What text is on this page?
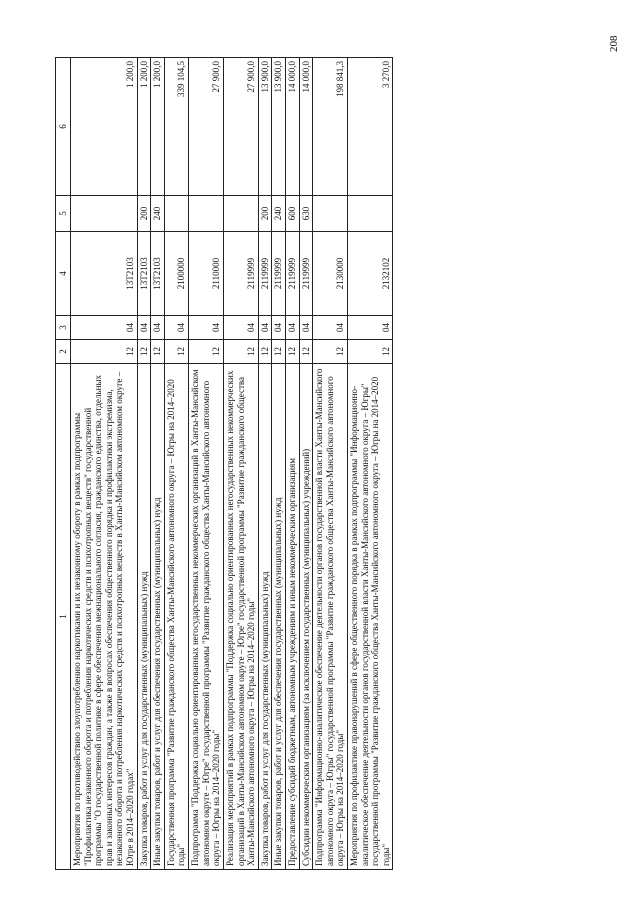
208
1	2	3	4	5	6
Мероприятия по противодействию злоупотреблению наркотиками и их незаконному обороту в рамках подпрограммы "Профилактика незаконного оборота и потребления наркотических средств и психотропных веществ" государственной программы "О государственной политике в сфере обеспечения межнационального согласия, гражданского единства, отдельных прав и законных интересов граждан, а также в вопросах обеспечения общественного порядка и профилактики экстремизма, незаконного оборота и потребления наркотических средств и психотропных веществ в Ханты-Мансийском автономном округе – Югре в 2014–2020 годах"	12	04	13Т2103		1 200,0
Закупка товаров, работ и услуг для государственных (муниципальных) нужд	12	04	13Т2103	200	1 200,0
Иные закупки товаров, работ и услуг для обеспечения государственных (муниципальных) нужд	12	04	13Т2103	240	1 200,0
Государственная программа "Развитие гражданского общества Ханты-Мансийского автономного округа – Югры на 2014–2020 годы"	12	04	2100000		339 104,5
Подпрограмма "Поддержка социально ориентированных негосударственных некоммерческих организаций в Ханты-Мансийском автономном округе – Югре" государственной программы "Развитие гражданского общества Ханты-Мансийского автономного округа – Югры на 2014–2020 годы"	12	04	2110000		27 900,0
Реализация мероприятий в рамках подпрограммы "Поддержка социально ориентированных негосударственных некоммерческих организаций в Ханты-Мансийском автономном округе – Югре" государственной программы "Развитие гражданского общества Ханты-Мансийского автономного округа – Югры на 2014–2020 годы"	12	04	2119999		27 900,0
Закупка товаров, работ и услуг для государственных (муниципальных) нужд	12	04	2119999	200	13 900,0
Иные закупки товаров, работ и услуг для обеспечения государственных (муниципальных) нужд	12	04	2119999	240	13 900,0
Предоставление субсидий бюджетным, автономным учреждениям и иным некоммерческим организациям	12	04	2119999	600	14 000,0
Субсидии некоммерческим организациям (за исключением государственных (муниципальных) учреждений)	12	04	2119999	630	14 000,0
Подпрограмма "Информационно-аналитическое обеспечение деятельности органов государственной власти Ханты-Мансийского автономного округа – Югры" государственной программы "Развитие гражданского общества Ханты-Мансийского автономного округа – Югры на 2014–2020 годы"	12	04	2130000		198 841,3
Мероприятия по профилактике правонарушений в сфере общественного порядка в рамках подпрограммы "Информационно-аналитическое обеспечение деятельности органов государственной власти Ханты-Мансийского автономного округа – Югры" государственной программы "Развитие гражданского общества Ханты-Мансийского автономного округа – Югры на 2014–2020 годы"	12	04	2132102		3 270,0
